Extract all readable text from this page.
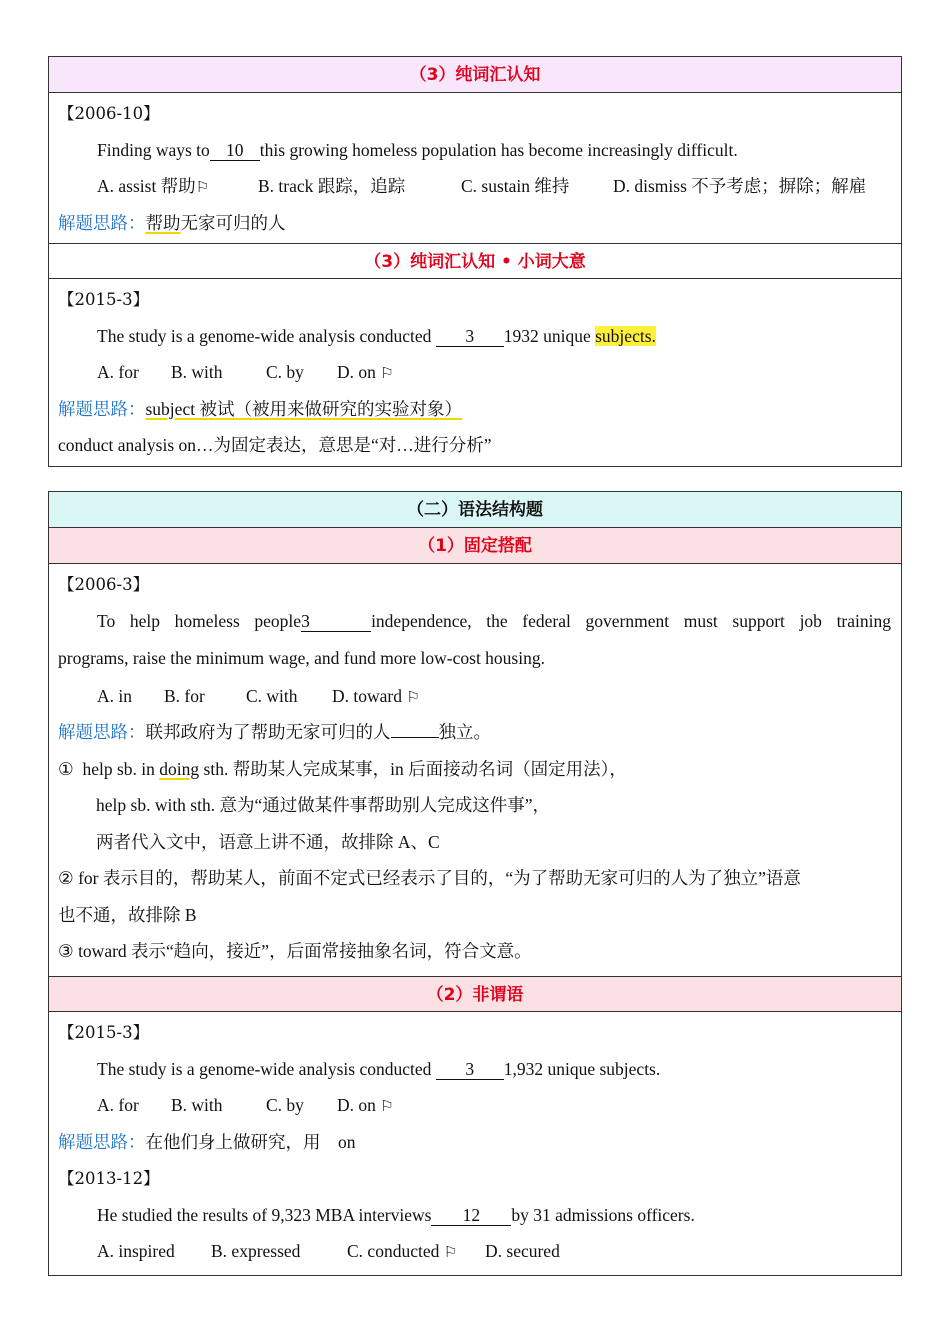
（3）纯词汇认知
【2006-10】
Finding ways to 10 this growing homeless population has become increasingly difficult.
A. assist 帮助⚐	B. track 跟踪，追踪	C. sustain 维持 D. dismiss 不予考虑；摒除；解雇
解题思路：帮助无家可归的人
（3）纯词汇认知 • 小词大意
【2015-3】
The study is a genome-wide analysis conducted 3 1932 unique subjects.
A. for B. with C. by D. on ⚐
解题思路：subject 被试（被用来做研究的实验对象）
conduct analysis on…为固定表达，意思是“对…进行分析”
（二）语法结构题
（1）固定搭配
【2006-3】
To help homeless people3	independence, the federal government must support job training
programs, raise the minimum wage, and fund more low-cost housing.
A. in B. for C. with D. toward ⚐
解题思路：联邦政府为了帮助无家可归的人	独立。
① help sb. in doing sth. 帮助某人完成某事，in 后面接动名词（固定用法），
help sb. with sth. 意为“通过做某件事帮助别人完成这件事”，
两者代入文中，语意上讲不通，故排除 A、C
② for 表示目的，帮助某人，前面不定式已经表示了目的，“为了帮助无家可归的人为了独立”语意
也不通，故排除 B
③ toward 表示“趋向，接近”，后面常接抽象名词，符合文意。
（2）非谓语
【2015-3】
The study is a genome-wide analysis conducted 3 1,932 unique subjects.
A. for B. with C. by D. on ⚐
解题思路：在他们身上做研究，用    on
【2013-12】
He studied the results of 9,323 MBA interviews 12 by 31 admissions officers.
A. inspired B. expressed	C. conducted ⚐ D. secured
